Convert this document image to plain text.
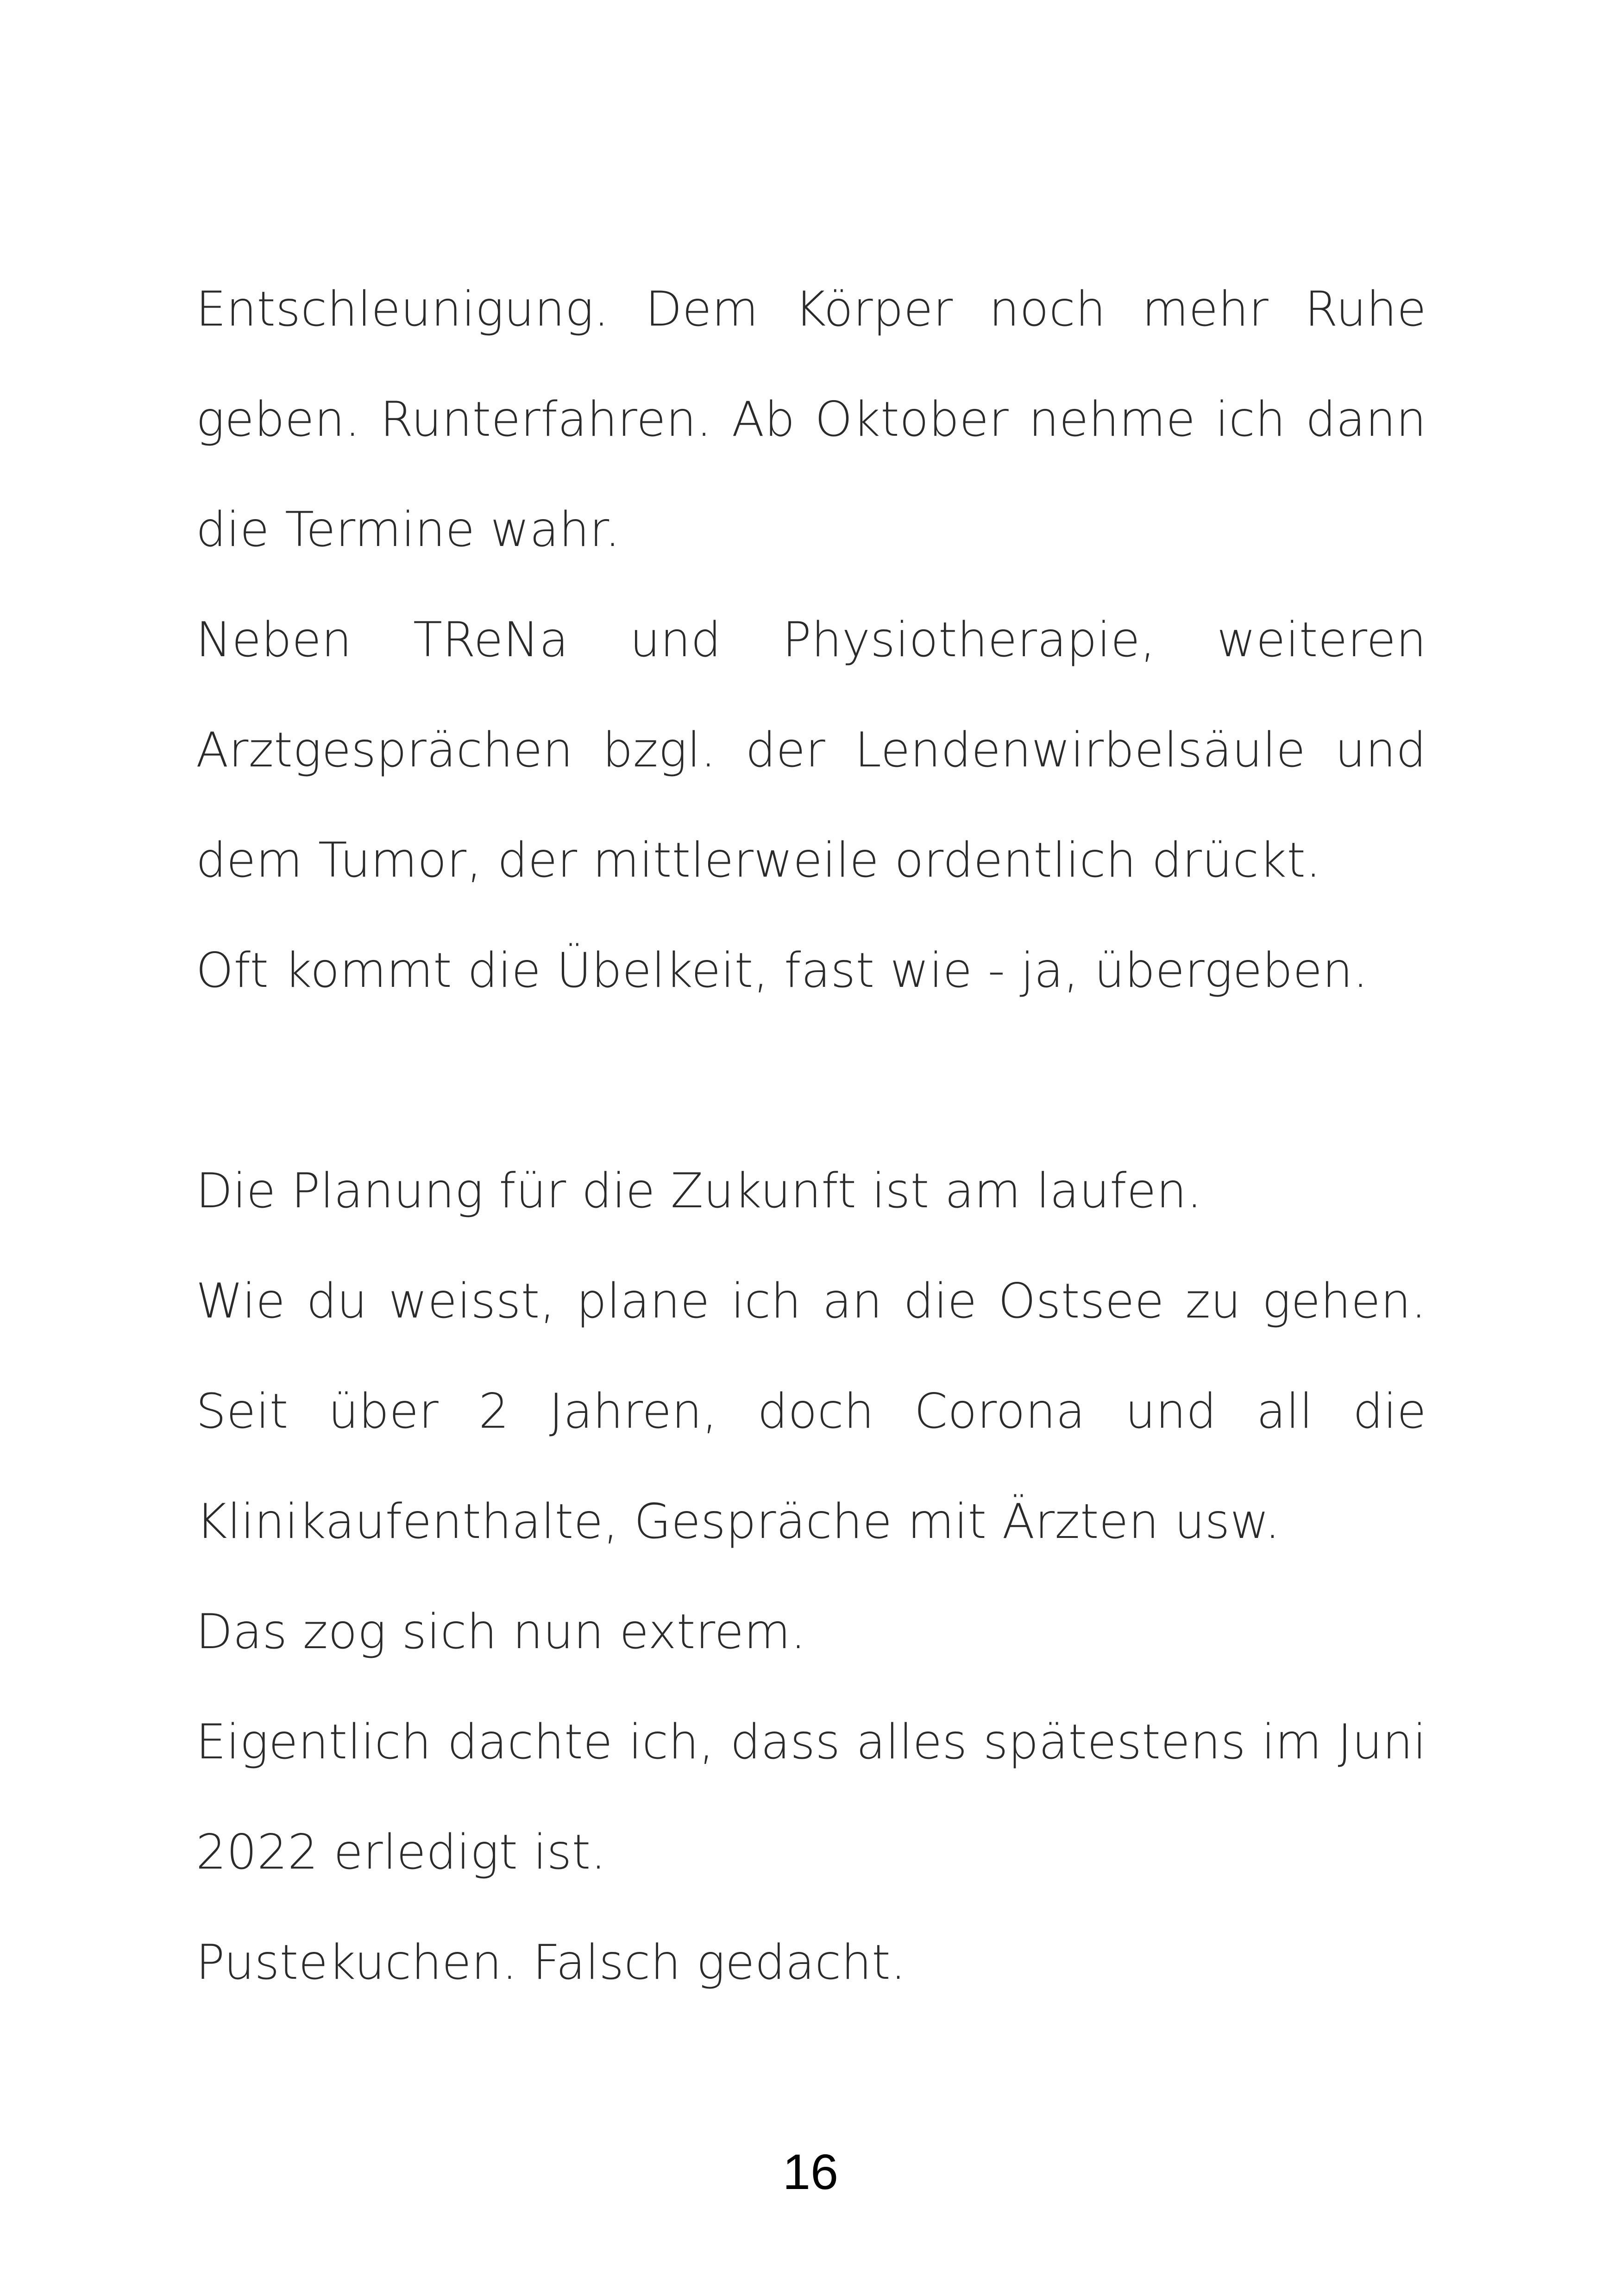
Entschleunigung. Dem Körper noch mehr Ruhe
geben. Runterfahren. Ab Oktober nehme ich dann
die Termine wahr.
Neben TReNa und Physiotherapie, weiteren
Arztgesprächen bzgl. der Lendenwirbelsäule und
dem Tumor, der mittlerweile ordentlich drückt.
Oft kommt die Übelkeit, fast wie - ja, übergeben.
Die Planung für die Zukunft ist am laufen.
Wie du weisst, plane ich an die Ostsee zu gehen.
Seit über 2 Jahren, doch Corona und all die
Klinikaufenthalte, Gespräche mit Ärzten usw.
Das zog sich nun extrem.
Eigentlich dachte ich, dass alles spätestens im Juni
2022 erledigt ist.
Pustekuchen. Falsch gedacht.
16
